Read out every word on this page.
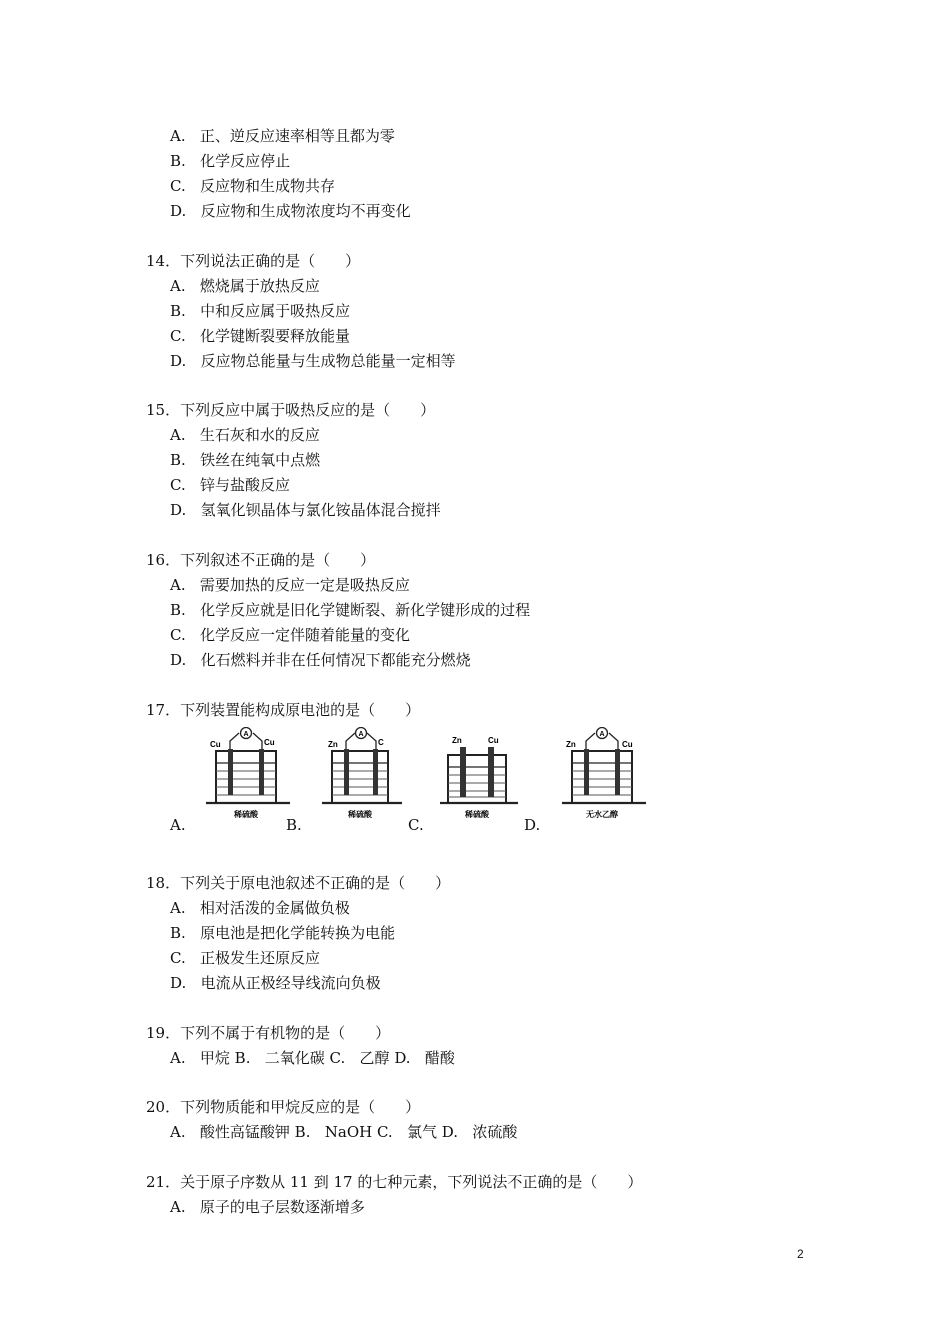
A.   正、逆反应速率相等且都为零

B.   化学反应停止

C.   反应物和生成物共存

D.   反应物和生成物浓度均不再变化

14．下列说法正确的是（　　）

A.   燃烧属于放热反应

B.   中和反应属于吸热反应

C.   化学键断裂要释放能量

D.   反应物总能量与生成物总能量一定相等

15．下列反应中属于吸热反应的是（　　）

A.   生石灰和水的反应

B.   铁丝在纯氧中点燃

C.   锌与盐酸反应

D.   氢氧化钡晶体与氯化铵晶体混合搅拌

16．下列叙述不正确的是（　　）

A.   需要加热的反应一定是吸热反应

B.   化学反应就是旧化学键断裂、新化学键形成的过程

C.   化学反应一定伴随着能量的变化

D.   化石燃料并非在任何情况下都能充分燃烧

17．下列装置能构成原电池的是（　　）

A.	B.	C.	D.
Cu	Cu
A
稀硫酸
Zn	C
A
稀硫酸
Zn	Cu
稀硫酸
Zn	Cu
A
无水乙醇

18．下列关于原电池叙述不正确的是（　　）

A.   相对活泼的金属做负极

B.   原电池是把化学能转换为电能

C.   正极发生还原反应

D.   电流从正极经导线流向负极

19．下列不属于有机物的是（　　）

A.   甲烷 B.   二氧化碳 C.   乙醇 D.   醋酸

20．下列物质能和甲烷反应的是（　　）

A.   酸性高锰酸钾 B.   NaOH C.   氯气 D.   浓硫酸

21．关于原子序数从 11 到 17 的七种元素，下列说法不正确的是（　　）

A.   原子的电子层数逐渐增多

2
